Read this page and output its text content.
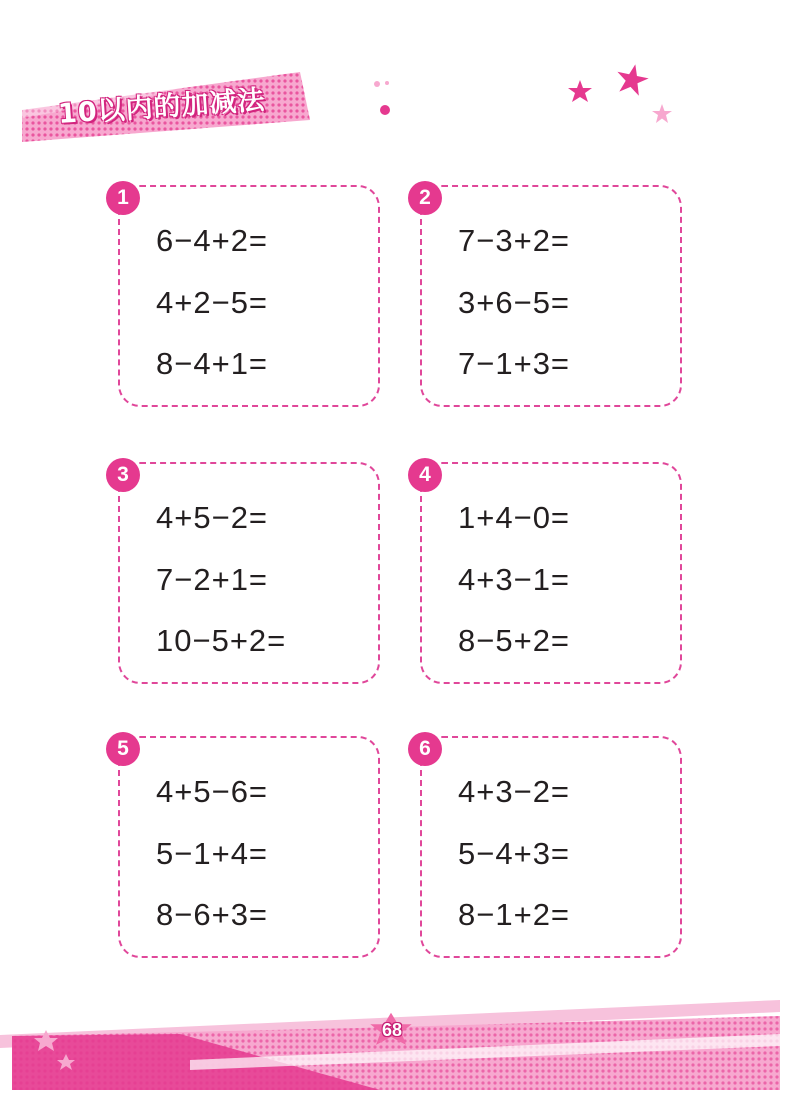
10以内的加减法
1
6−4+2=
4+2−5=
8−4+1=
2
7−3+2=
3+6−5=
7−1+3=
3
4+5−2=
7−2+1=
10−5+2=
4
1+4−0=
4+3−1=
8−5+2=
5
4+5−6=
5−1+4=
8−6+3=
6
4+3−2=
5−4+3=
8−1+2=
68
